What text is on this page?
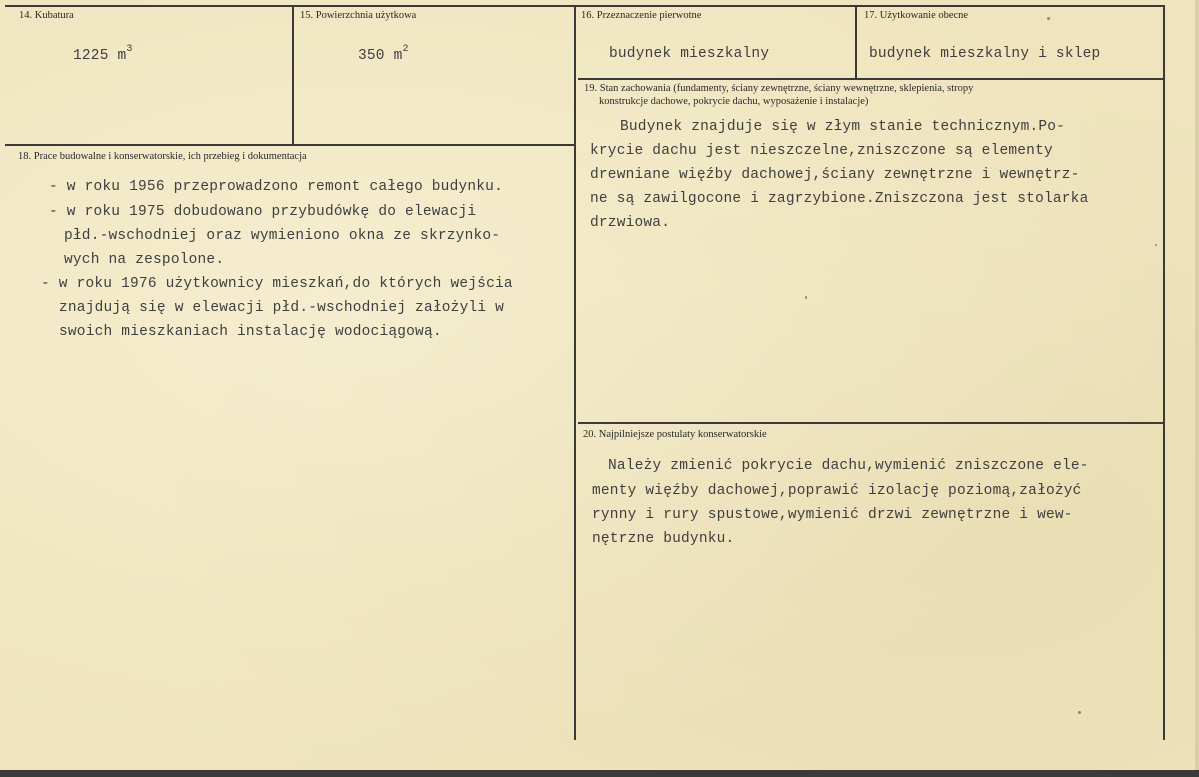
14. Kubatura
1225 $m^3$
15. Powierzchnia użytkowa
350 $m^2$
16. Przeznaczenie pierwotne
budynek mieszkalny
17. Użytkowanie obecne
budynek mieszkalny i sklep
19. Stan zachowania (fundamenty, ściany zewnętrzne, ściany wewnętrzne, sklepienia, stropy
konstrukcje dachowe, pokrycie dachu, wyposażenie i instalacje)
Budynek znajduje się w złym stanie technicznym.Po-
krycie dachu jest nieszczelne,zniszczone są elementy
drewniane więźby dachowej,ściany zewnętrzne i wewnętrz-
ne są zawilgocone i zagrzybione.Zniszczona jest stolarka
drzwiowa.
18. Prace budowalne i konserwatorskie, ich przebieg i dokumentacja
- w roku 1956 przeprowadzono remont całego budynku.
- w roku 1975 dobudowano przybudówkę do elewacji
płd.-wschodniej oraz wymieniono okna ze skrzynko-
wych na zespolone.
- w roku 1976 użytkownicy mieszkań,do których wejścia
znajdują się w elewacji płd.-wschodniej założyli w
swoich mieszkaniach instalację wodociągową.
20. Najpilniejsze postulaty konserwatorskie
Należy zmienić pokrycie dachu,wymienić zniszczone ele-
menty więźby dachowej,poprawić izolację poziomą,założyć
rynny i rury spustowe,wymienić drzwi zewnętrzne i wew-
nętrzne budynku.
